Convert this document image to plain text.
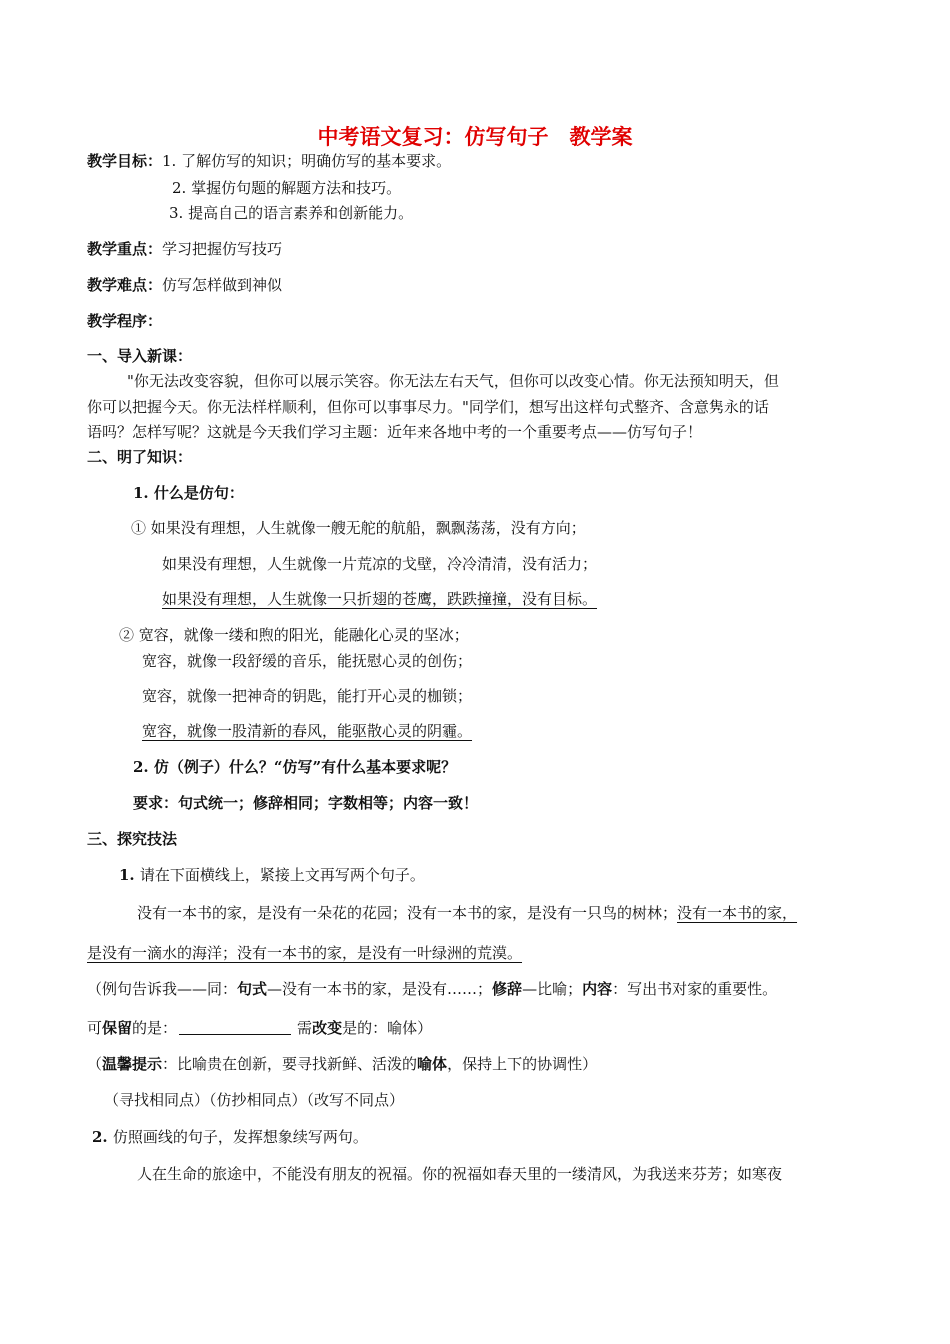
中考语文复习：仿写句子　教学案
教学目标：1. 了解仿写的知识；明确仿写的基本要求。
2. 掌握仿句题的解题方法和技巧。
3. 提高自己的语言素养和创新能力。
教学重点：学习把握仿写技巧
教学难点：仿写怎样做到神似
教学程序：
一、导入新课：
"你无法改变容貌，但你可以展示笑容。你无法左右天气，但你可以改变心情。你无法预知明天，但
你可以把握今天。你无法样样顺利，但你可以事事尽力。"同学们，想写出这样句式整齐、含意隽永的话
语吗？怎样写呢？这就是今天我们学习主题：近年来各地中考的一个重要考点——仿写句子！
二、明了知识：
1. 什么是仿句：
① 如果没有理想，人生就像一艘无舵的航船，飘飘荡荡，没有方向；
如果没有理想，人生就像一片荒凉的戈壁，冷冷清清，没有活力；
如果没有理想，人生就像一只折翅的苍鹰，跌跌撞撞，没有目标。
② 宽容，就像一缕和煦的阳光，能融化心灵的坚冰；
宽容，就像一段舒缓的音乐，能抚慰心灵的创伤；
宽容，就像一把神奇的钥匙，能打开心灵的枷锁；
宽容，就像一股清新的春风，能驱散心灵的阴霾。
2. 仿（例子）什么？“仿写”有什么基本要求呢？
要求：句式统一；修辞相同；字数相等；内容一致！
三、探究技法
1. 请在下面横线上，紧接上文再写两个句子。
没有一本书的家，是没有一朵花的花园；没有一本书的家，是没有一只鸟的树林；没有一本书的家，
是没有一滴水的海洋；没有一本书的家，是没有一叶绿洲的荒漠。
（例句告诉我——同：句式—没有一本书的家，是没有……；修辞—比喻；内容：写出书对家的重要性。
可保留的是：	需改变是的：喻体）
（温馨提示：比喻贵在创新，要寻找新鲜、活泼的喻体，保持上下的协调性）
（寻找相同点）（仿抄相同点）（改写不同点）
2. 仿照画线的句子，发挥想象续写两句。
人在生命的旅途中，不能没有朋友的祝福。你的祝福如春天里的一缕清风，为我送来芬芳；如寒夜
